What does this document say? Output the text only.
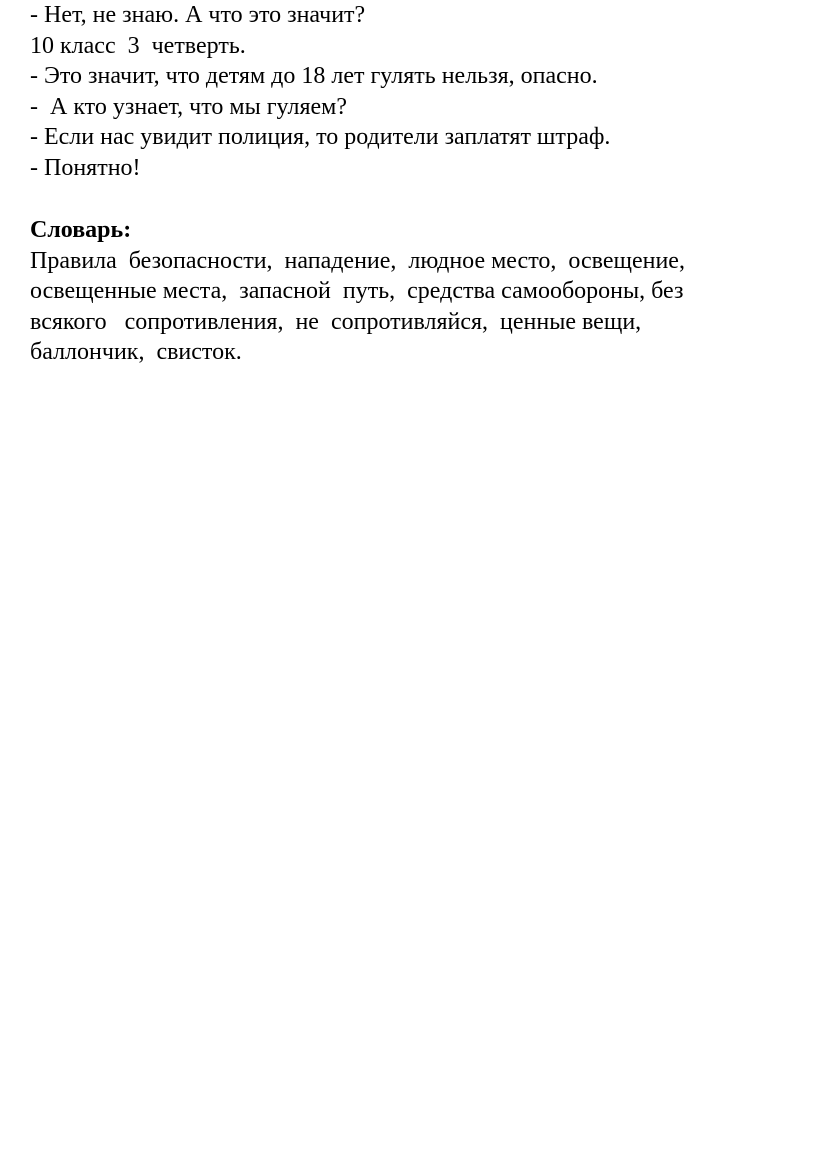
- Нет, не знаю. А что это значит?

10 класс  3  четверть.

- Это значит, что детям до 18 лет гулять нельзя, опасно.

-  А кто узнает, что мы гуляем?

- Если нас увидит полиция, то родители заплатят штраф.

- Понятно!

Словарь:

Правила  безопасности,  нападение,  людное место,  освещение,

освещенные места,  запасной  путь,  средства самообороны, без

всякого   сопротивления,  не  сопротивляйся,  ценные вещи,

баллончик,  свисток.
